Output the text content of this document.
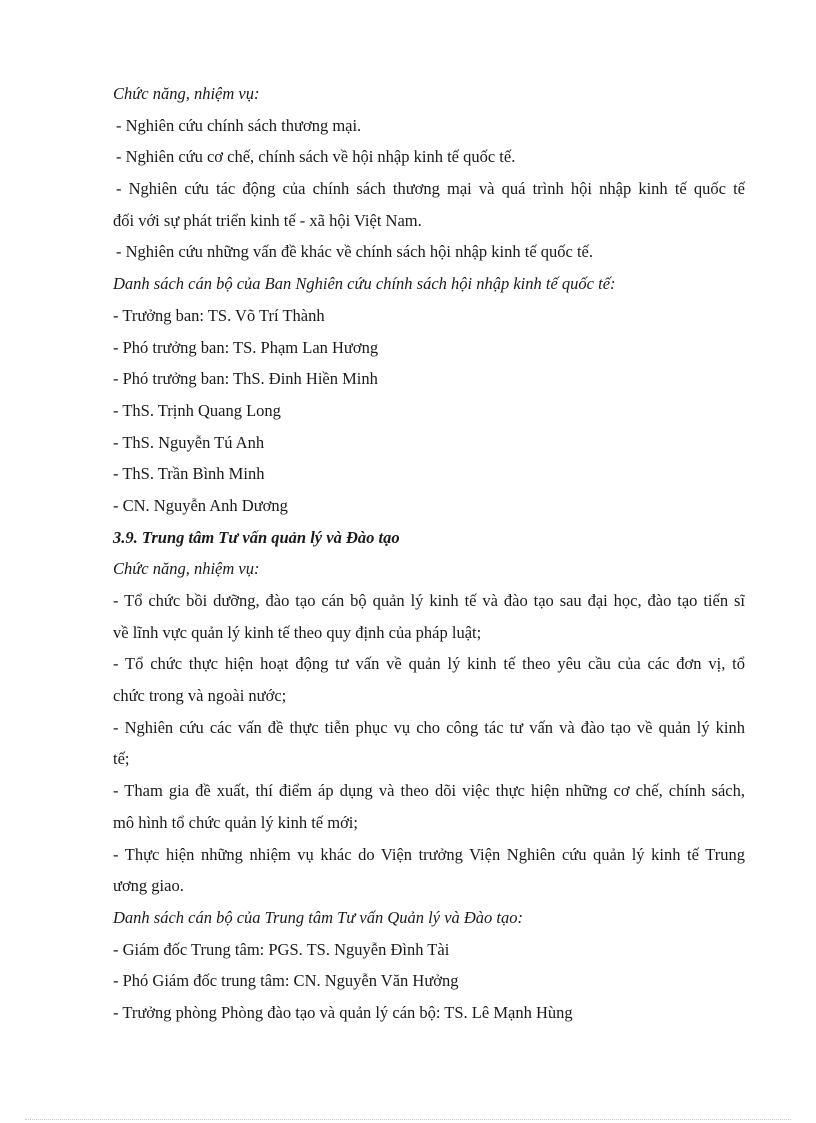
Chức năng, nhiệm vụ:
- Nghiên cứu chính sách thương mại.
- Nghiên cứu cơ chế, chính sách về hội nhập kinh tế quốc tế.
- Nghiên cứu tác động của chính sách thương mại và quá trình hội nhập kinh tế quốc tế
đối với sự phát triển kinh tế - xã hội Việt Nam.
- Nghiên cứu những vấn đề khác về chính sách hội nhập kinh tế quốc tế.
Danh sách cán bộ của Ban Nghiên cứu chính sách hội nhập kinh tế quốc tế:
- Trưởng ban: TS. Võ Trí Thành
- Phó trưởng ban: TS. Phạm Lan Hương
- Phó trưởng ban: ThS. Đinh Hiền Minh
- ThS. Trịnh Quang Long
- ThS. Nguyễn Tú Anh
- ThS. Trần Bình Minh
- CN. Nguyễn Anh Dương
3.9. Trung tâm Tư vấn quản lý và Đào tạo
Chức năng, nhiệm vụ:
- Tổ chức bồi dưỡng, đào tạo cán bộ quản lý kinh tế và đào tạo sau đại học, đào tạo tiến sĩ
về lĩnh vực quản lý kinh tế theo quy định của pháp luật;
- Tổ chức thực hiện hoạt động tư vấn về quản lý kinh tế theo yêu cầu của các đơn vị, tổ
chức trong và ngoài nước;
- Nghiên cứu các vấn đề thực tiễn phục vụ cho công tác tư vấn và đào tạo về quản lý kinh
tế;
- Tham gia đề xuất, thí điểm áp dụng và theo dõi việc thực hiện những cơ chế, chính sách,
mô hình tổ chức quản lý kinh tế mới;
- Thực hiện những nhiệm vụ khác do Viện trưởng Viện Nghiên cứu quản lý kinh tế Trung
ương giao.
Danh sách cán bộ của Trung tâm Tư vấn Quản lý và Đào tạo:
- Giám đốc Trung tâm: PGS. TS. Nguyễn Đình Tài
- Phó Giám đốc trung tâm: CN. Nguyễn Văn Hưởng
- Trưởng phòng Phòng đào tạo và quản lý cán bộ: TS. Lê Mạnh Hùng
